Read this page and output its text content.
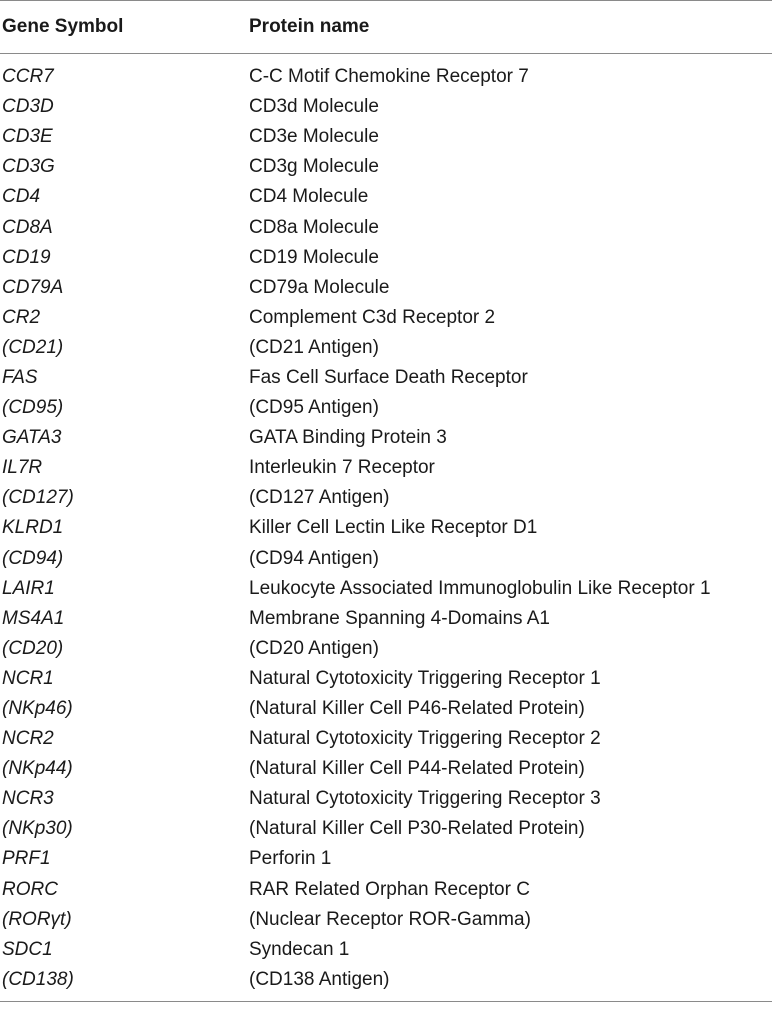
Gene Symbol	Protein name
CCR7	C-C Motif Chemokine Receptor 7
CD3D	CD3d Molecule
CD3E	CD3e Molecule
CD3G	CD3g Molecule
CD4	CD4 Molecule
CD8A	CD8a Molecule
CD19	CD19 Molecule
CD79A	CD79a Molecule
CR2	Complement C3d Receptor 2
(CD21)	(CD21 Antigen)
FAS	Fas Cell Surface Death Receptor
(CD95)	(CD95 Antigen)
GATA3	GATA Binding Protein 3
IL7R	Interleukin 7 Receptor
(CD127)	(CD127 Antigen)
KLRD1	Killer Cell Lectin Like Receptor D1
(CD94)	(CD94 Antigen)
LAIR1	Leukocyte Associated Immunoglobulin Like Receptor 1
MS4A1	Membrane Spanning 4-Domains A1
(CD20)	(CD20 Antigen)
NCR1	Natural Cytotoxicity Triggering Receptor 1
(NKp46)	(Natural Killer Cell P46-Related Protein)
NCR2	Natural Cytotoxicity Triggering Receptor 2
(NKp44)	(Natural Killer Cell P44-Related Protein)
NCR3	Natural Cytotoxicity Triggering Receptor 3
(NKp30)	(Natural Killer Cell P30-Related Protein)
PRF1	Perforin 1
RORC	RAR Related Orphan Receptor C
(RORγt)	(Nuclear Receptor ROR-Gamma)
SDC1	Syndecan 1
(CD138)	(CD138 Antigen)
